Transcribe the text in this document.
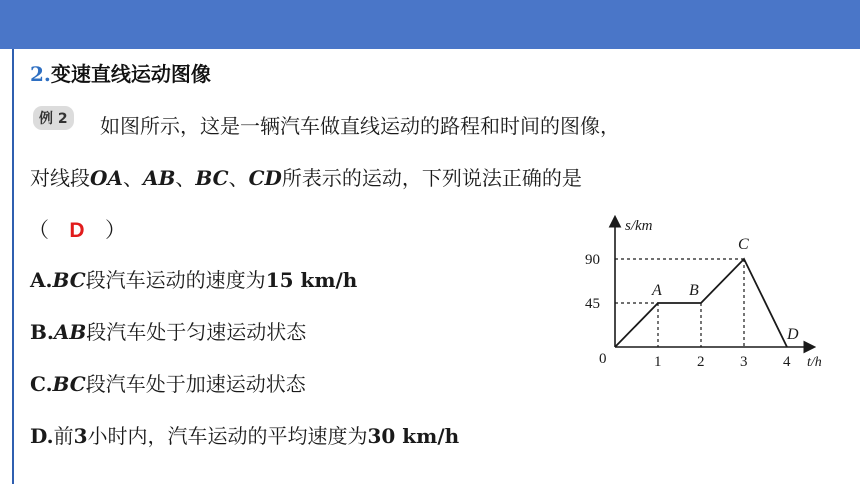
2.变速直线运动图像
例 2	如图所示，这是一辆汽车做直线运动的路程和时间的图像，
对线段OA、AB、BC、CD所表示的运动，下列说法正确的是
（ D ）
A.BC段汽车运动的速度为15 km/h
B.AB段汽车处于匀速运动状态
C.BC段汽车处于加速运动状态
D.前3小时内，汽车运动的平均速度为30 km/h
s/km
t/h
0	1 2 3 4
45
90
A B
C
D
